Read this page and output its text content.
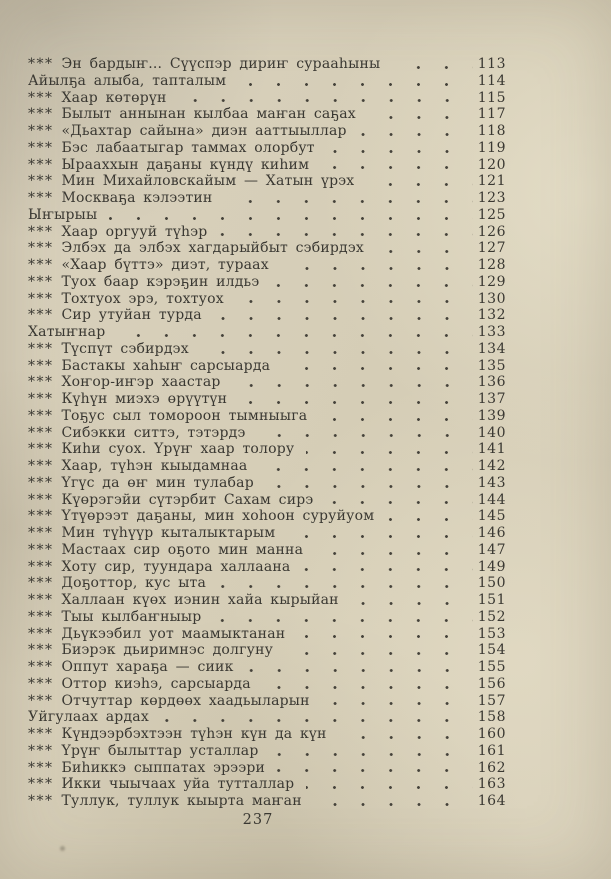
*** Эн бардыҥ... Сүүспэр дириҥ сурааһыны	113
Айылҕа алыба, тапталым	114
*** Хаар көтөрүн	115
*** Былыт аннынан кылбаа маҥан саҕах	117
*** «Дьахтар сайына» диэн ааттыыллар	118
*** Бэс лабаатыгар таммах олорбут	119
*** Ырааххын даҕаны күндү киһим	120
*** Мин Михайловскайым — Хатын үрэх	121
*** Москваҕа кэлээтин	123
Ыҥырыы	125
*** Хаар оргууй түһэр	126
*** Элбэх да элбэх хагдарыйбыт сэбирдэх	127
*** «Хаар бүттэ» диэт, тураах	128
*** Туох баар кэрэҕин илдьэ	129
*** Тохтуох эрэ, тохтуох	130
*** Сир утуйан турда	132
Хатыҥнар	133
*** Түспүт сэбирдэх	134
*** Бастакы хаһыҥ сарсыарда	135
*** Хоҥор-иҥэр хаастар	136
*** Күһүн миэхэ өрүүтүн	137
*** Тоҕус сыл томороон тымныыга	139
*** Сибэкки ситтэ, тэтэрдэ	140
*** Киһи суох. Үрүҥ хаар толору	141
*** Хаар, түһэн кыыдамнаа	142
*** Үгүс да өҥ мин тулабар	143
*** Күөрэгэйи сүтэрбит Сахам сирэ	144
*** Үтүөрээт даҕаны, мин хоһоон суруйуом	145
*** Мин түһүүр кыталыктарым	146
*** Мастаах сир оҕото мин манна	147
*** Хоту сир, туундара халлаана	149
*** Доҕоттор, кус ыта	150
*** Халлаан күөх иэнин хайа кырыйан	151
*** Тыы кылбаҥныыр	152
*** Дьүкээбил уот маамыктанан	153
*** Биэрэк дьиримнэс долгуну	154
*** Оппут хараҕа — сиик	155
*** Оттор киэһэ, сарсыарда	156
*** Отчуттар көрдөөх хаадьыларын	157
Уйгулаах ардах	158
*** Күндээрбэхтээн түһэн күн да күн	160
*** Үрүҥ былыттар усталлар	161
*** Биһиккэ сыппатах эрээри	162
*** Икки чыычаах уйа тутталлар	163
*** Туллук, туллук кыырта маҥан	164
237
